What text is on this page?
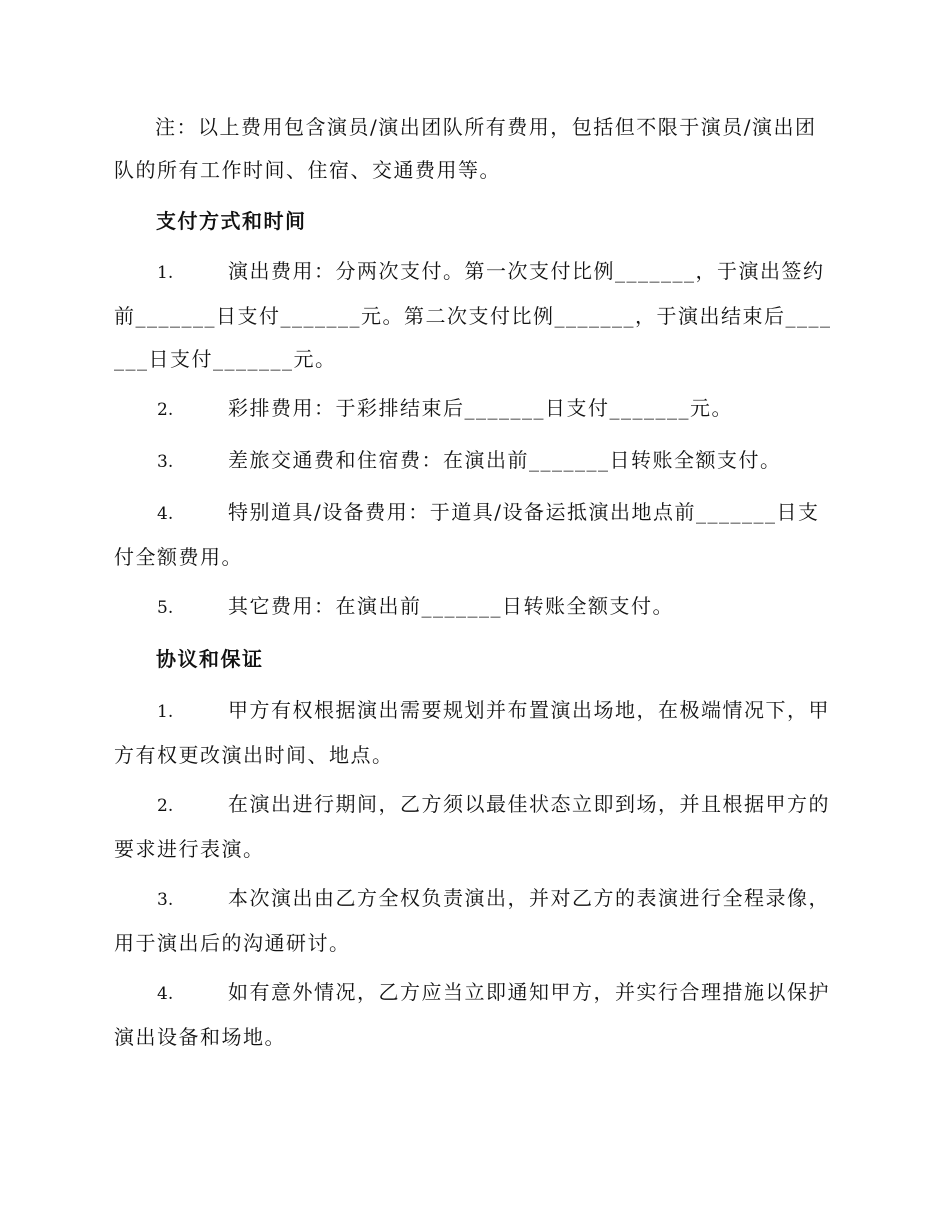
注：以上费用包含演员/演出团队所有费用，包括但不限于演员/演出团队的所有工作时间、住宿、交通费用等。
支付方式和时间
1.	演出费用：分两次支付。第一次支付比例_______，于演出签约前_______日支付_______元。第二次支付比例_______，于演出结束后_______日支付_______元。
2.	彩排费用：于彩排结束后_______日支付_______元。
3.	差旅交通费和住宿费：在演出前_______日转账全额支付。
4.	特别道具/设备费用：于道具/设备运抵演出地点前_______日支付全额费用。
5.	其它费用：在演出前_______日转账全额支付。
协议和保证
1.	甲方有权根据演出需要规划并布置演出场地，在极端情况下，甲方有权更改演出时间、地点。
2.	在演出进行期间，乙方须以最佳状态立即到场，并且根据甲方的要求进行表演。
3.	本次演出由乙方全权负责演出，并对乙方的表演进行全程录像，用于演出后的沟通研讨。
4.	如有意外情况，乙方应当立即通知甲方，并实行合理措施以保护演出设备和场地。
